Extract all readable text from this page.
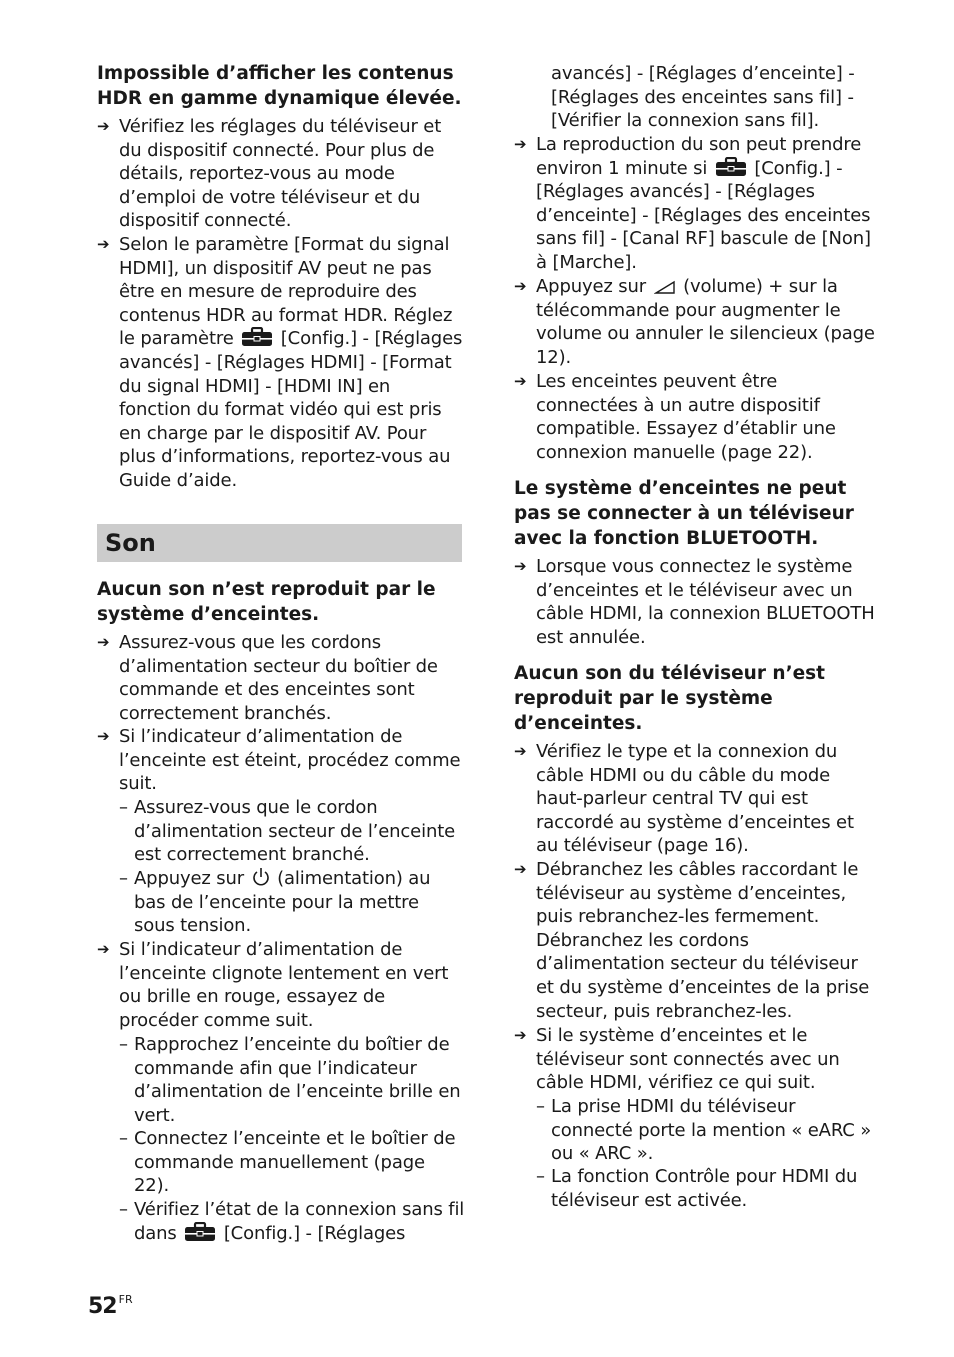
Impossible d’afficher les contenus HDR en gamme dynamique élevée.
➔ Vérifiez les réglages du téléviseur et du dispositif connecté. Pour plus de détails, reportez-vous au mode d’emploi de votre téléviseur et du dispositif connecté.
➔ Selon le paramètre [Format du signal HDMI], un dispositif AV peut ne pas être en mesure de reproduire des contenus HDR au format HDR. Réglez le paramètre	[Config.] - [Réglages avancés] - [Réglages HDMI] - [Format du signal HDMI] - [HDMI IN] en fonction du format vidéo qui est pris en charge par le dispositif AV. Pour plus d’informations, reportez-vous au Guide d’aide.
➔ Assurez-vous que les cordons d’alimentation secteur du boîtier de commande et des enceintes sont correctement branchés.
Aucun son n’est reproduit par le système d’enceintes.
➔ Si l’indicateur d’alimentation de l’enceinte est éteint, procédez comme suit.
– Assurez-vous que le cordon d’alimentation secteur de l’enceinte est correctement branché.
– Appuyez sur (alimentation) au bas de l’enceinte pour la mettre sous tension.
➔ Si l’indicateur d’alimentation de l’enceinte clignote lentement en vert ou brille en rouge, essayez de procéder comme suit.
– Rapprochez l’enceinte du boîtier de commande afin que l’indicateur d’alimentation de l’enceinte brille en vert.
– Connectez l’enceinte et le boîtier de commande manuellement (page 22).
– Vérifiez l’état de la connexion sans fil dans	[Config.] - [Réglages
Son
avancés] - [Réglages d’enceinte] - [Réglages des enceintes sans fil] - [Vérifier la connexion sans fil].
➔ La reproduction du son peut prendre environ 1 minute si	[Config.] - [Réglages avancés] - [Réglages d’enceinte] - [Réglages des enceintes sans fil] - [Canal RF] bascule de [Non] à [Marche].
➔ Appuyez sur (volume) + sur la télécommande pour augmenter le volume ou annuler le silencieux (page 12).
➔ Les enceintes peuvent être connectées à un autre dispositif compatible. Essayez d’établir une connexion manuelle (page 22).
Le système d’enceintes ne peut pas se connecter à un téléviseur avec la fonction BLUETOOTH.
➔ Lorsque vous connectez le système d’enceintes et le téléviseur avec un câble HDMI, la connexion BLUETOOTH est annulée.
Aucun son du téléviseur n’est reproduit par le système d’enceintes.
➔ Vérifiez le type et la connexion du câble HDMI ou du câble du mode haut-parleur central TV qui est raccordé au système d’enceintes et au téléviseur (page 16).
➔ Débranchez les câbles raccordant le téléviseur au système d’enceintes, puis rebranchez-les fermement. Débranchez les cordons d’alimentation secteur du téléviseur et du système d’enceintes de la prise secteur, puis rebranchez-les.
➔ Si le système d’enceintes et le téléviseur sont connectés avec un câble HDMI, vérifiez ce qui suit.
– La prise HDMI du téléviseur connecté porte la mention « eARC » ou « ARC ».
– La fonction Contrôle pour HDMI du téléviseur est activée.
52 $^{FR}$
